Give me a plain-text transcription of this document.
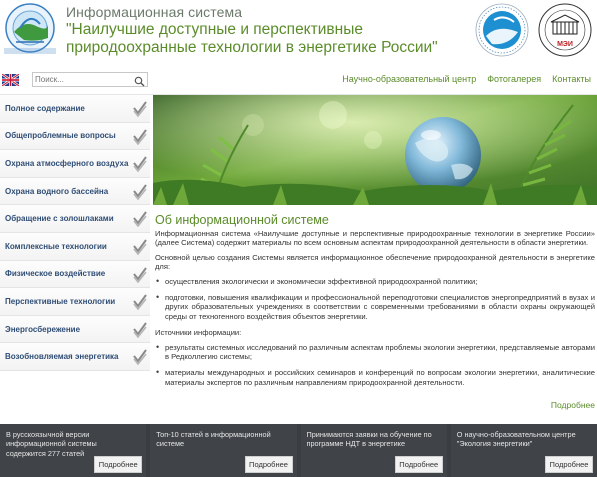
Информационная система
"Наилучшие доступные и перспективные
природоохранные технологии в энергетике России"	МЭИ
Поиск...
Научно-образовательный центр Фотогалерея Контакты
Полное содержание
Общепроблемные вопросы
Охрана атмосферного воздуха
Охрана водного бассейна
Обращение с золошлаками
Комплексные технологии
Физическое воздействие
Перспективные технологии
Энергосбережение
Возобновляемая энергетика
Об информационной системе

Информационная система «Наилучшие доступные и перспективные природоохранные технологии в энергетике России» (далее Система) содержит материалы по всем основным аспектам природоохранной деятельности в области энергетики.

Основной целью создания Системы является информационное обеспечение природоохранной деятельности в энергетике для:

• осуществления экологически и экономически эффективной природоохранной политики;
• подготовки, повышения квалификации и профессиональной переподготовки специалистов энергопредприятий в вузах и других образовательных учреждениях в соответствии с современными требованиями в области охраны окружающей среды от техногенного воздействия объектов энергетики.

Источники информации:

• результаты системных исследований по различным аспектам проблемы экологии энергетики, представляемые авторами в Редколлегию системы;
• материалы международных и российских семинаров и конференций по вопросам экологии энергетики, аналитические материалы экспертов по различным направлениям природоохранной деятельности.
Подробнее
В русскоязычной версии информационной системы содержится 277 статей
Подробнее
Топ-10 статей в информационной системе
Подробнее
Принимаются заявки на обучение по программе НДТ в энергетике
Подробнее
О научно-образовательном центре "Экология энергетики"
Подробнее
